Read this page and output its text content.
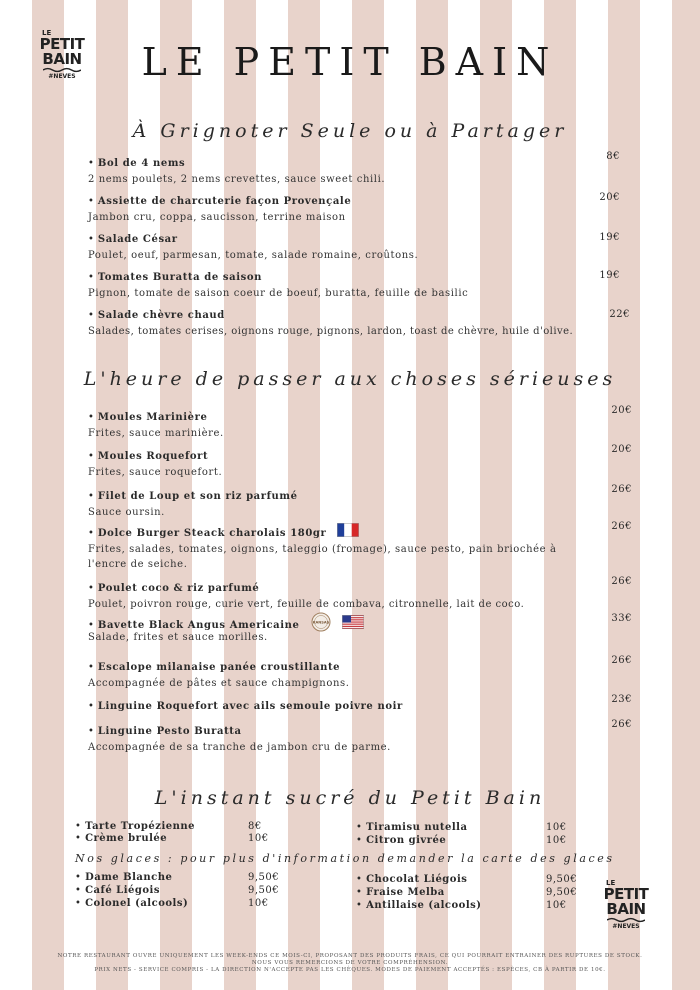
LE
PETIT
BAIN
#NEVES	LE PETIT BAIN
À Grignoter Seule ou à Partager
• Bol de 4 nems
2 nems poulets, 2 nems crevettes, sauce sweet chili.
8€
• Assiette de charcuterie façon Provençale
Jambon cru, coppa, saucisson, terrine maison
20€
• Salade César
Poulet, oeuf, parmesan, tomate, salade romaine, croûtons.
19€
• Tomates Buratta de saison
Pignon, tomate de saison coeur de boeuf, buratta, feuille de basilic
19€
• Salade chèvre chaud
Salades, tomates cerises, oignons rouge, pignons, lardon, toast de chèvre, huile d'olive.
22€
L'heure de passer aux choses sérieuses
• Moules Marinière
Frites, sauce marinière.
20€
• Moules Roquefort
Frites, sauce roquefort.
20€
• Filet de Loup et son riz parfumé
Sauce oursin.
26€
• Dolce Burger Steack charolais 180gr
Frites, salades, tomates, oignons, taleggio (fromage), sauce pesto, pain briochée à l'encre de seiche.
26€
• Poulet coco & riz parfumé
Poulet, poivron rouge, curie vert, feuille de combava, citronnelle, lait de coco.
26€
• Bavette Black Angus Americaine	KANSAS

Salade, frites et sauce morilles.
33€
• Escalope milanaise panée croustillante
Accompagnée de pâtes et sauce champignons.
26€
• Linguine Roquefort avec ails semoule poivre noir
23€
• Linguine Pesto Buratta
Accompagnée de sa tranche de jambon cru de parme.
26€
L'instant sucré du Petit Bain
• Tarte Tropézienne	8€
• Crème brulée	10€
• Tiramisu nutella	10€
• Citron givrée	10€
Nos glaces : pour plus d'information demander la carte des glaces
• Dame Blanche	9,50€
• Café Liégois	9,50€
• Colonel (alcools)	10€
• Chocolat Liégois	9,50€
• Fraise Melba	9,50€
• Antillaise (alcools)	10€
LE
PETIT
BAIN
#NEVES
NOTRE RESTAURANT OUVRE UNIQUEMENT LES WEEK-ENDS CE MOIS-CI, PROPOSANT DES PRODUITS FRAIS, CE QUI POURRAIT ENTRAINER DES RUPTURES DE STOCK.
NOUS VOUS REMERCIONS DE VOTRE COMPRÉHENSION.
PRIX NETS - SERVICE COMPRIS - LA DIRECTION N'ACCEPTE PAS LES CHÈQUES. MODES DE PAIEMENT ACCEPTÉS : ESPÈCES, CB À PARTIR DE 10€.
